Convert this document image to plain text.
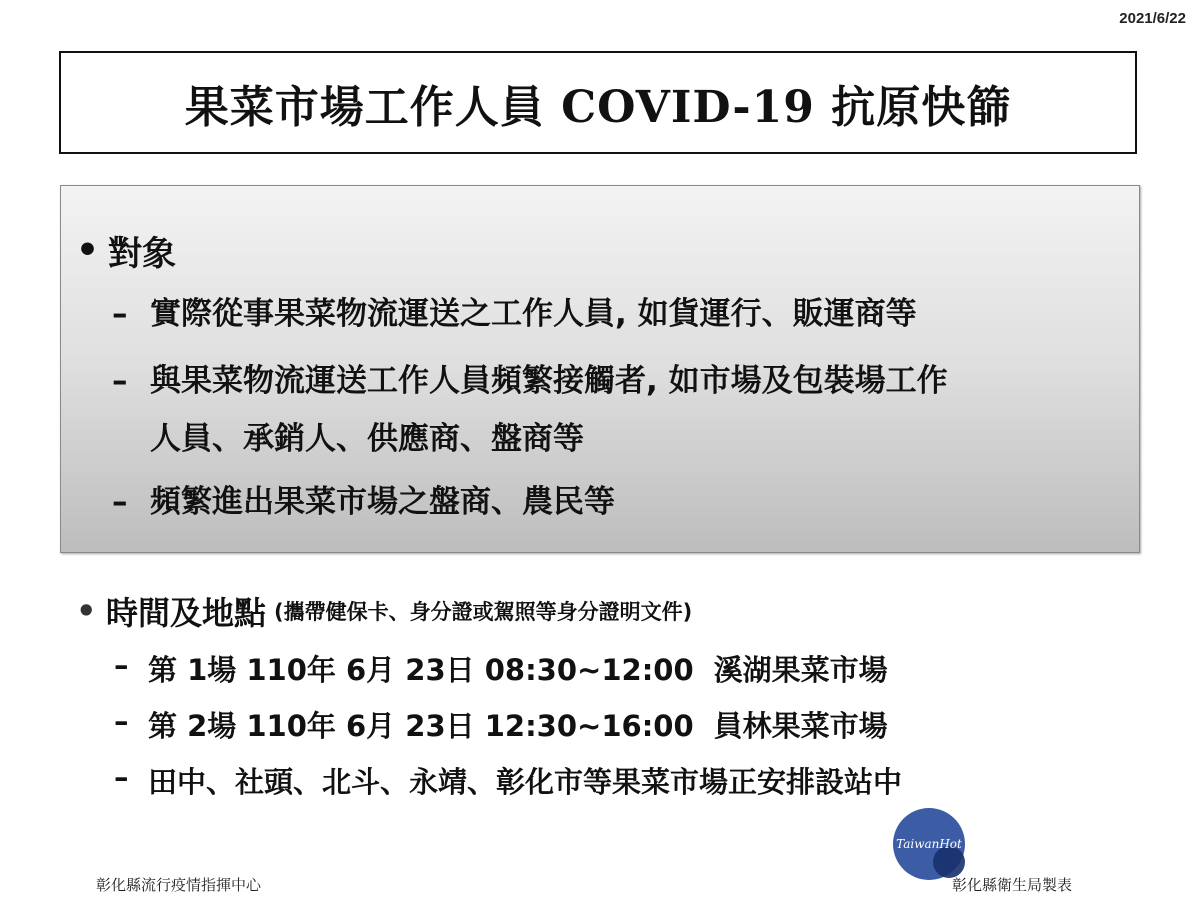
2021/6/22
果菜市場工作人員 COVID-19 抗原快篩
• 對象
– 實際從事果菜物流運送之工作人員, 如貨運行、販運商等
– 與果菜物流運送工作人員頻繁接觸者, 如市場及包裝場工作
人員、承銷人、供應商、盤商等
– 頻繁進出果菜市場之盤商、農民等
• 時間及地點 (攜帶健保卡、身分證或駕照等身分證明文件)
– 第 1場 110年 6月 23日 08:30~12:00 溪湖果菜市場
– 第 2場 110年 6月 23日 12:30~16:00 員林果菜市場
– 田中、社頭、北斗、永靖、彰化市等果菜市場正安排設站中
TaiwanHot
彰化縣流行疫情指揮中心	彰化縣衛生局製表
